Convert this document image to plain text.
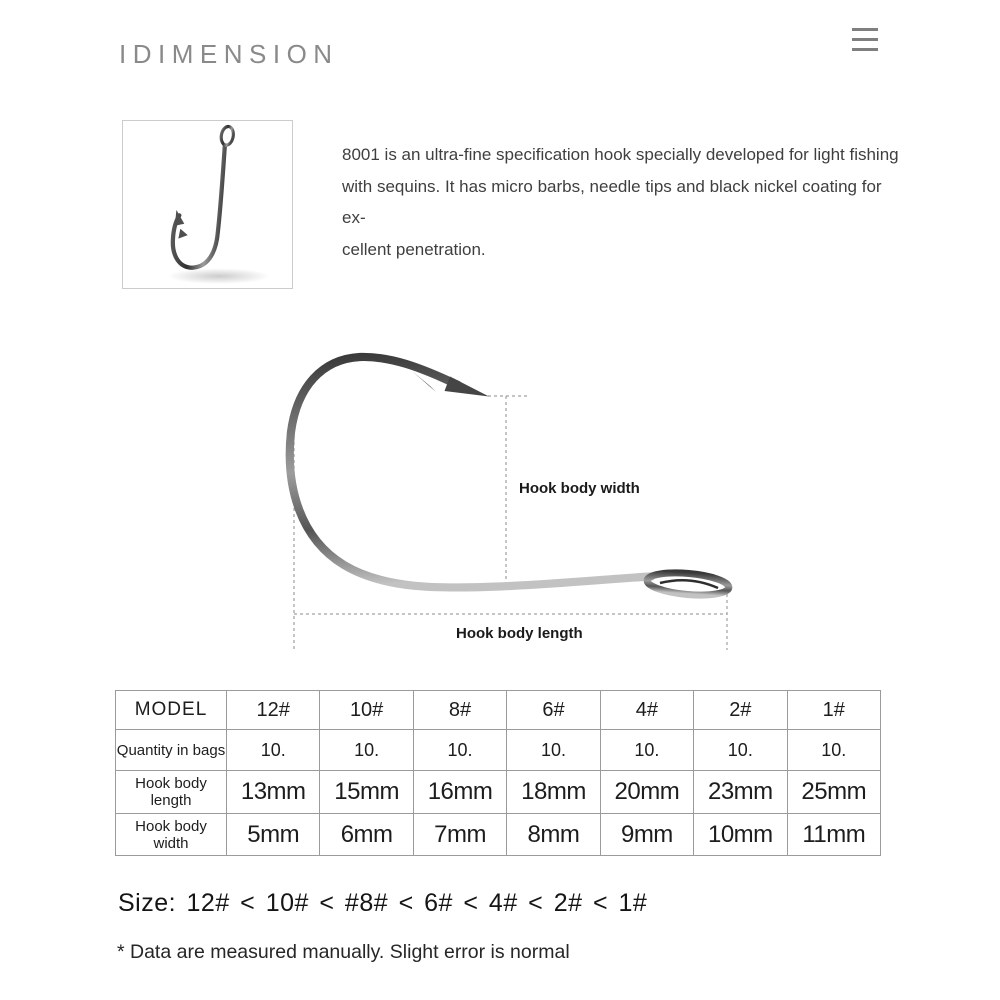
IDIMENSION
8001 is an ultra-fine specification hook specially developed for light fishing
with sequins. It has micro barbs, needle tips and black nickel coating for ex-
cellent penetration.
Hook body width
Hook body length
MODEL	12#	10#	8#	6#	4#	2#	1#
Quantity in bags	10.	10.	10.	10.	10.	10.	10.
Hook body length	13mm	15mm	16mm	18mm	20mm	23mm	25mm
Hook body width	5mm	6mm	7mm	8mm	9mm	10mm	11mm
Size: 12# < 10# < #8# < 6# < 4# < 2# < 1#
* Data are measured manually. Slight error is normal
